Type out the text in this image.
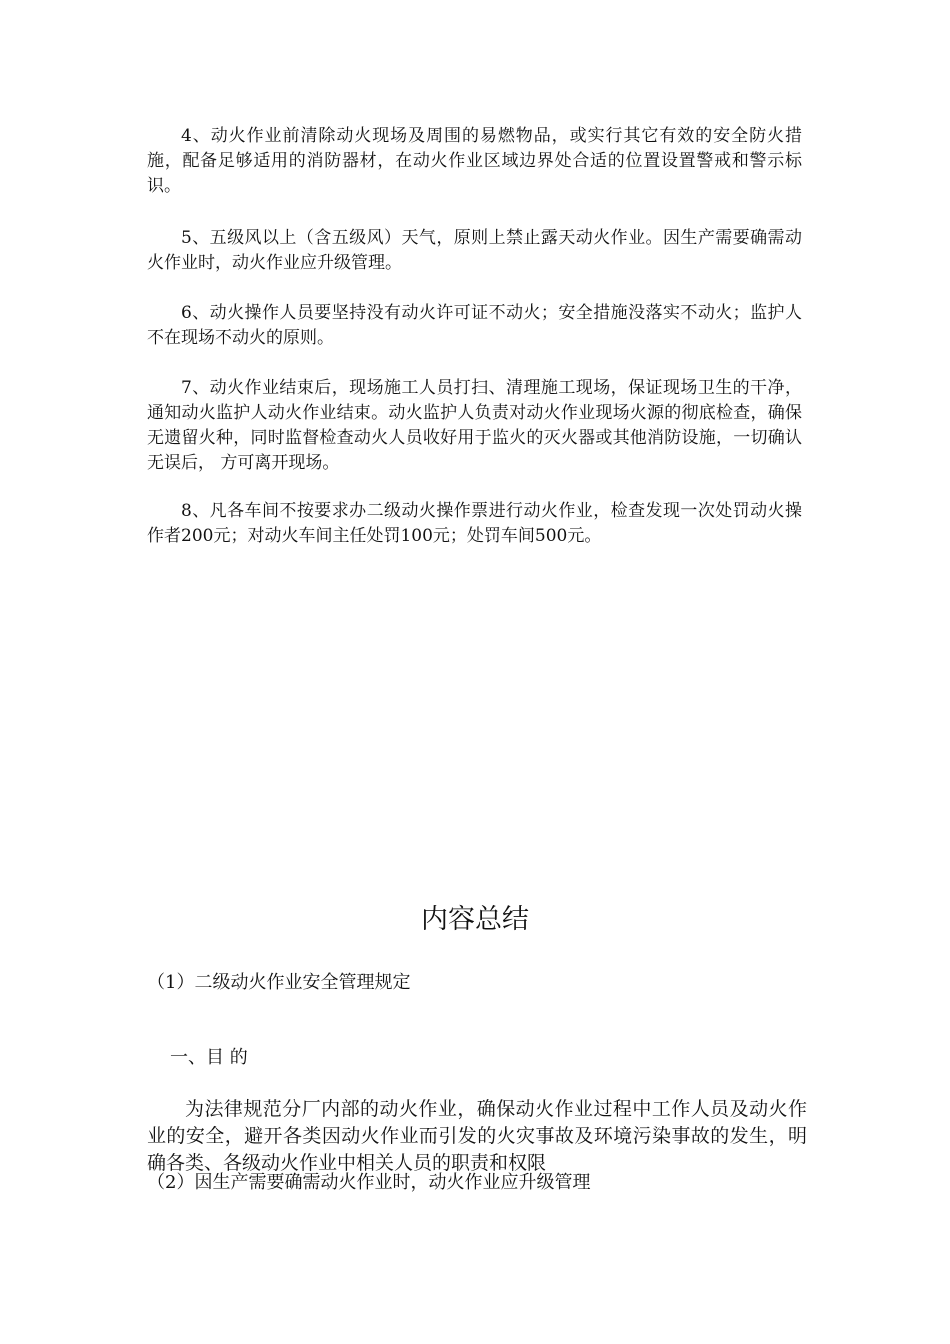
4、动火作业前清除动火现场及周围的易燃物品，或实行其它有效的安全防火措施，配备足够适用的消防器材，在动火作业区域边界处合适的位置设置警戒和警示标识。

5、五级风以上（含五级风）天气，原则上禁止露天动火作业。因生产需要确需动火作业时，动火作业应升级管理。

6、动火操作人员要坚持没有动火许可证不动火；安全措施没落实不动火；监护人不在现场不动火的原则。

7、动火作业结束后，现场施工人员打扫、清理施工现场，保证现场卫生的干净，通知动火监护人动火作业结束。动火监护人负责对动火作业现场火源的彻底检查，确保无遗留火种，同时监督检查动火人员收好用于监火的灭火器或其他消防设施，一切确认无误后， 方可离开现场。

8、凡各车间不按要求办二级动火操作票进行动火作业，检查发现一次处罚动火操作者200元；对动火车间主任处罚100元；处罚车间500元。

内容总结

（1）二级动火作业安全管理规定

一、目 的

为法律规范分厂内部的动火作业，确保动火作业过程中工作人员及动火作业的安全，避开各类因动火作业而引发的火灾事故及环境污染事故的发生，明确各类、各级动火作业中相关人员的职责和权限

（2）因生产需要确需动火作业时，动火作业应升级管理
